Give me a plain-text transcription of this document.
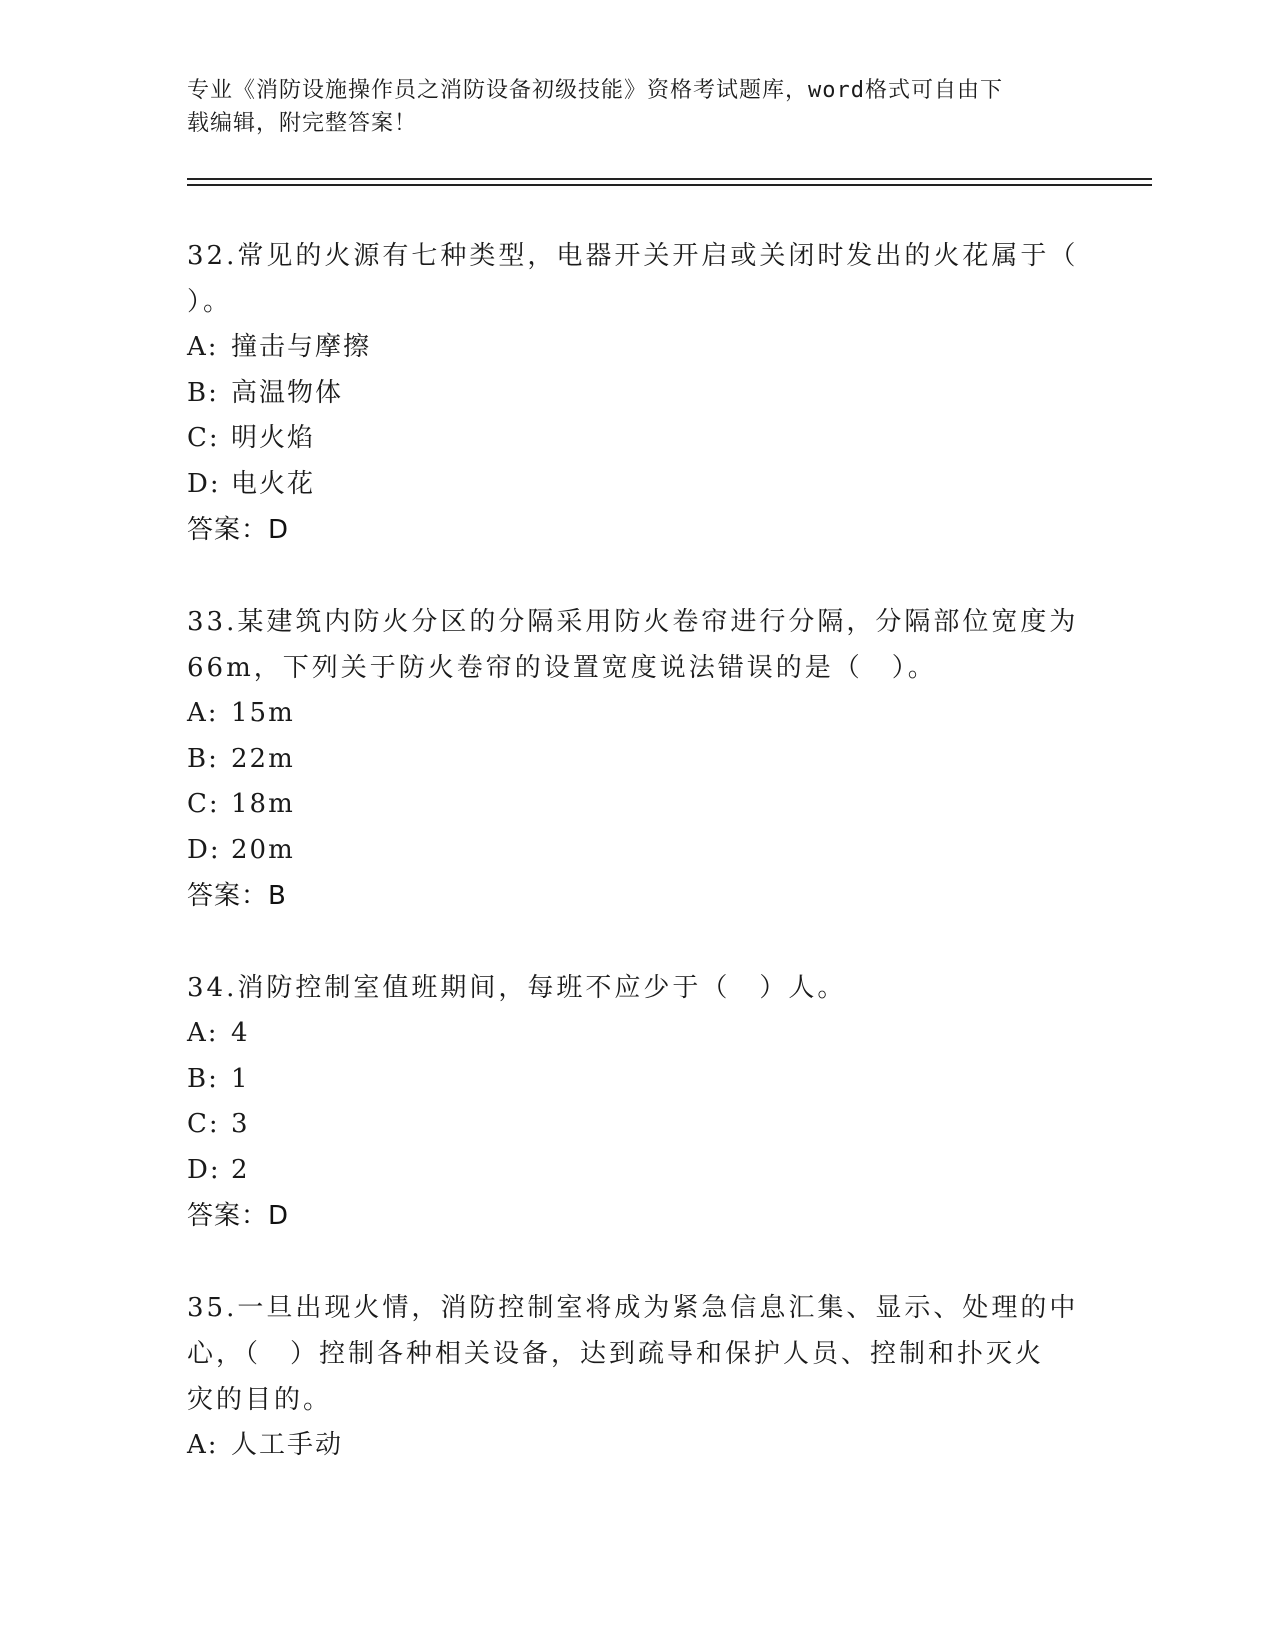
专业《消防设施操作员之消防设备初级技能》资格考试题库，word格式可自由下
载编辑，附完整答案！
32.常见的火源有七种类型，电器开关开启或关闭时发出的火花属于（
）。
A: 撞击与摩擦
B: 高温物体
C: 明火焰
D: 电火花
答案：D
33.某建筑内防火分区的分隔采用防火卷帘进行分隔，分隔部位宽度为
66m，下列关于防火卷帘的设置宽度说法错误的是（　）。
A: 15m
B: 22m
C: 18m
D: 20m
答案：B
34.消防控制室值班期间，每班不应少于（　）人。
A: 4
B: 1
C: 3
D: 2
答案：D
35.一旦出现火情，消防控制室将成为紧急信息汇集、显示、处理的中
心，（　）控制各种相关设备，达到疏导和保护人员、控制和扑灭火
灾的目的。
A: 人工手动
